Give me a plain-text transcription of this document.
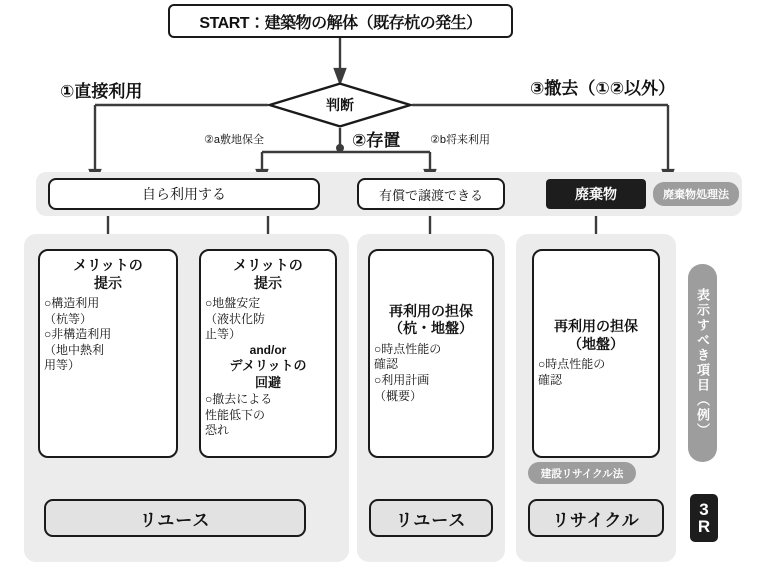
START：建築物の解体（既存杭の発生）
判断
①直接利用	③撤去（①②以外）
②存置
②a敷地保全	②b将来利用
自ら利用する	有償で譲渡できる	廃棄物	廃棄物処理法
メリットの
提示
○構造利用
（杭等）
○非構造利用
（地中熱利
用等）
メリットの
提示
○地盤安定
（液状化防
止等）
and/or
デメリットの
回避
○撤去による
性能低下の
恐れ
再利用の担保
（杭・地盤）
○時点性能の
確認
○利用計画
（概要）
再利用の担保
（地盤）
○時点性能の
確認
建設リサイクル法
リユース	リユース	リサイクル
表示すべき項目（例）
3
R
